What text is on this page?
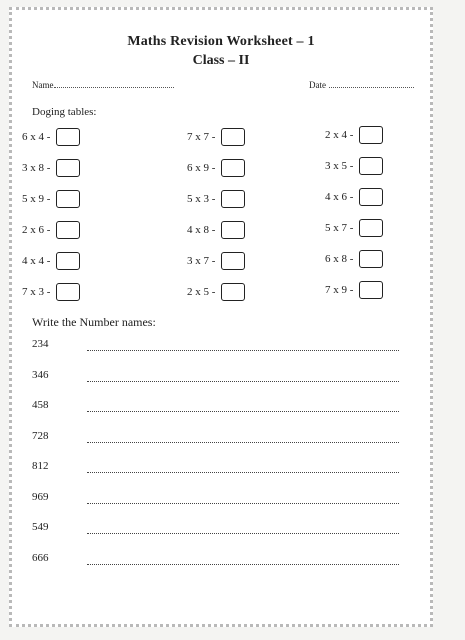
Maths Revision Worksheet – 1
Class – II
Name	Date
Doging tables:
6 x 4 -	7 x 7 -	2 x 4 -
3 x 8 -	6 x 9 -	3 x 5 -
5 x 9 -	5 x 3 -	4 x 6 -
2 x 6 -	4 x 8 -	5 x 7 -
4 x 4 -	3 x 7 -	6 x 8 -
7 x 3 -	2 x 5 -	7 x 9 -
Write the Number names:
234
346
458
728
812
969
549
666
